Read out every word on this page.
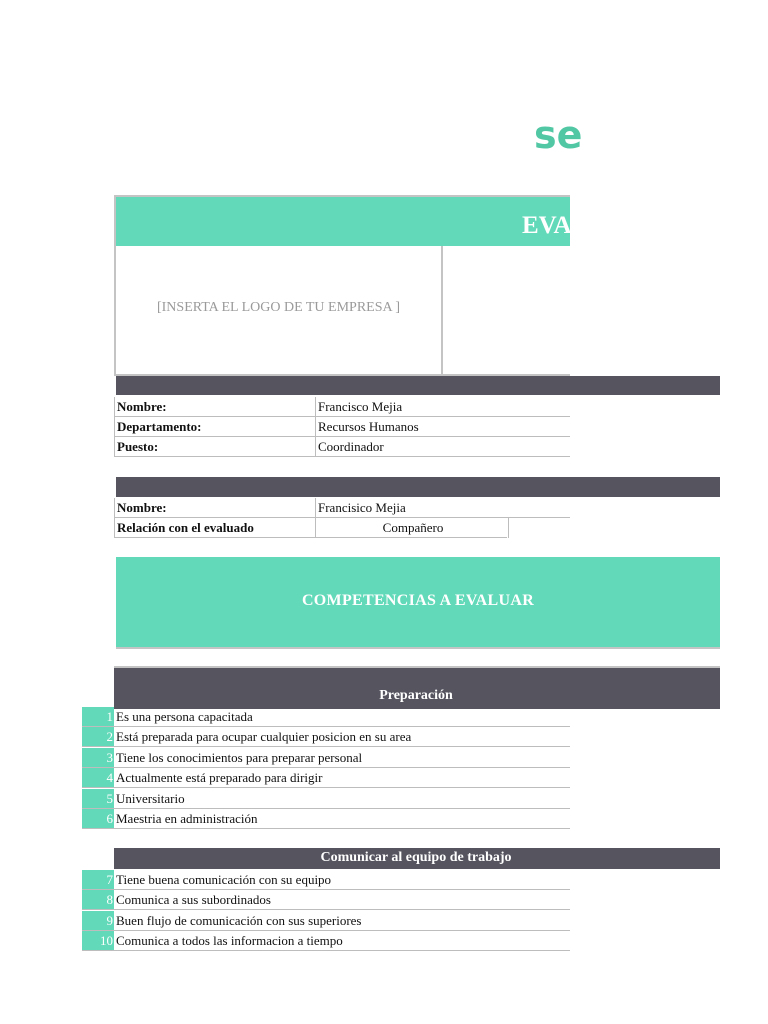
se
EVA
[INSERTA EL LOGO DE TU EMPRESA ]
Nombre:	Francisco Mejia
Departamento:	Recursos Humanos
Puesto:	Coordinador
Nombre:	Francisico Mejia
Relación con el evaluado	Compañero
COMPETENCIAS A EVALUAR
Preparación
1 Es una persona capacitada
2 Está preparada para ocupar cualquier posicion en su area
3 Tiene los conocimientos para preparar personal
4 Actualmente está preparado para dirigir
5 Universitario
6 Maestria en administración
Comunicar al equipo de trabajo
7 Tiene buena comunicación con su equipo
8 Comunica a sus subordinados
9 Buen flujo de comunicación con sus superiores
10 Comunica a todos las informacion a tiempo
